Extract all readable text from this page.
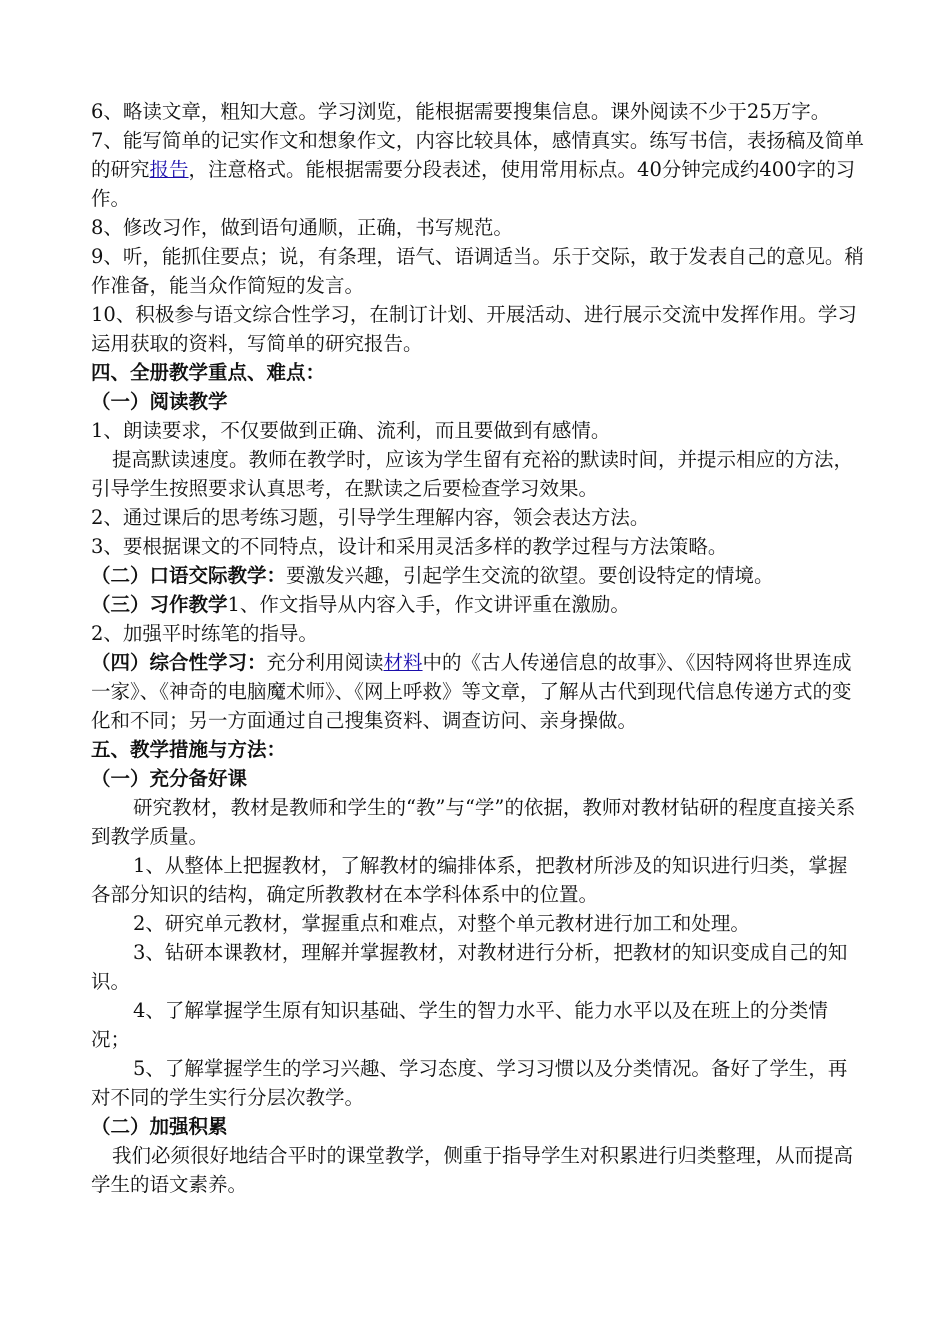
6、略读文章，粗知大意。学习浏览，能根据需要搜集信息。课外阅读不少于25万字。

7、能写简单的记实作文和想象作文，内容比较具体，感情真实。练写书信，表扬稿及简单的研究报告，注意格式。能根据需要分段表述，使用常用标点。40分钟完成约400字的习作。

8、修改习作，做到语句通顺，正确，书写规范。

9、听，能抓住要点；说，有条理，语气、语调适当。乐于交际，敢于发表自己的意见。稍作准备，能当众作简短的发言。

10、积极参与语文综合性学习，在制订计划、开展活动、进行展示交流中发挥作用。学习运用获取的资料，写简单的研究报告。

四、全册教学重点、难点：

（一）阅读教学

1、朗读要求，不仅要做到正确、流利，而且要做到有感情。

提高默读速度。教师在教学时，应该为学生留有充裕的默读时间，并提示相应的方法，引导学生按照要求认真思考，在默读之后要检查学习效果。

2、通过课后的思考练习题，引导学生理解内容，领会表达方法。

3、要根据课文的不同特点，设计和采用灵活多样的教学过程与方法策略。

（二）口语交际教学：要激发兴趣，引起学生交流的欲望。要创设特定的情境。

（三）习作教学1、作文指导从内容入手，作文讲评重在激励。

2、加强平时练笔的指导。

（四）综合性学习：充分利用阅读材料中的《古人传递信息的故事》、《因特网将世界连成一家》、《神奇的电脑魔术师》、《网上呼救》等文章，了解从古代到现代信息传递方式的变化和不同；另一方面通过自己搜集资料、调查访问、亲身操做。

五、教学措施与方法：

（一）充分备好课

研究教材，教材是教师和学生的“教”与“学”的依据，教师对教材钻研的程度直接关系到教学质量。

1、从整体上把握教材，了解教材的编排体系，把教材所涉及的知识进行归类，掌握各部分知识的结构，确定所教教材在本学科体系中的位置。

2、研究单元教材，掌握重点和难点，对整个单元教材进行加工和处理。

3、钻研本课教材，理解并掌握教材，对教材进行分析，把教材的知识变成自己的知识。

4、了解掌握学生原有知识基础、学生的智力水平、能力水平以及在班上的分类情况；

5、了解掌握学生的学习兴趣、学习态度、学习习惯以及分类情况。备好了学生，再对不同的学生实行分层次教学。

（二）加强积累

我们必须很好地结合平时的课堂教学，侧重于指导学生对积累进行归类整理，从而提高学生的语文素养。
